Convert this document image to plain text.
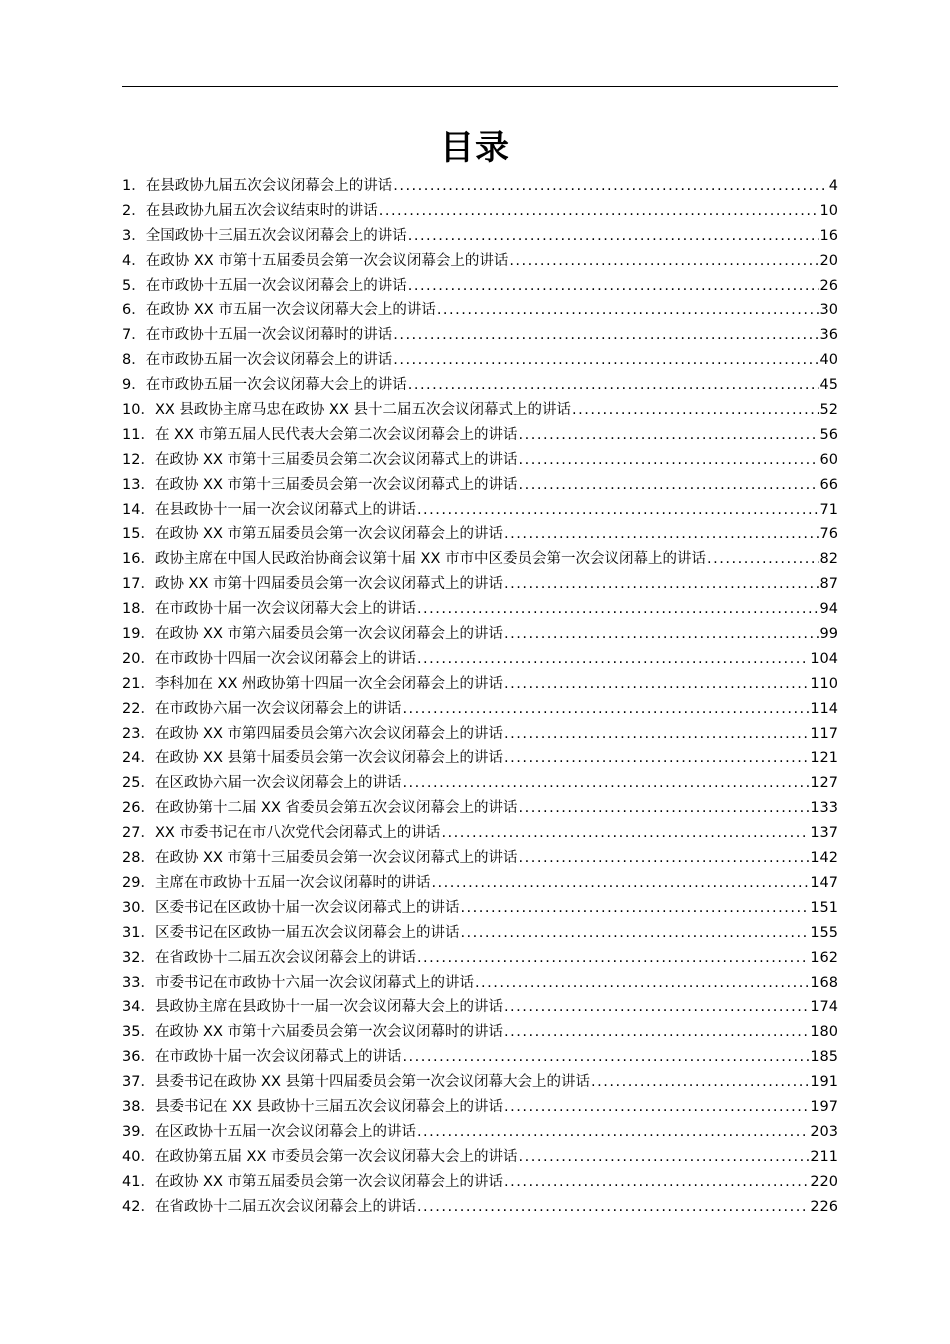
目录
1．在县政协九届五次会议闭幕会上的讲话 .....	4
2．在县政协九届五次会议结束时的讲话 .....	10
3．全国政协十三届五次会议闭幕会上的讲话 .....	16
4．在政协 XX 市第十五届委员会第一次会议闭幕会上的讲话 .....	20
5．在市政协十五届一次会议闭幕会上的讲话 .....	26
6．在政协 XX 市五届一次会议闭幕大会上的讲话 .....	30
7．在市政协十五届一次会议闭幕时的讲话 .....	36
8．在市政协五届一次会议闭幕会上的讲话 .....	40
9．在市政协五届一次会议闭幕大会上的讲话 .....	45
10．XX 县政协主席马忠在政协 XX 县十二届五次会议闭幕式上的讲话 .....	52
11．在 XX 市第五届人民代表大会第二次会议闭幕会上的讲话 .....	56
12．在政协 XX 市第十三届委员会第二次会议闭幕式上的讲话 .....	60
13．在政协 XX 市第十三届委员会第一次会议闭幕式上的讲话 .....	66
14．在县政协十一届一次会议闭幕式上的讲话 .....	71
15．在政协 XX 市第五届委员会第一次会议闭幕会上的讲话 .....	76
16．政协主席在中国人民政治协商会议第十届 XX 市市中区委员会第一次会议闭幕上的讲话 .....	82
17．政协 XX 市第十四届委员会第一次会议闭幕式上的讲话 .....	87
18．在市政协十届一次会议闭幕大会上的讲话 .....	94
19．在政协 XX 市第六届委员会第一次会议闭幕会上的讲话 .....	99
20．在市政协十四届一次会议闭幕会上的讲话 .....	104
21．李科加在 XX 州政协第十四届一次全会闭幕会上的讲话 .....	110
22．在市政协六届一次会议闭幕会上的讲话 .....	114
23．在政协 XX 市第四届委员会第六次会议闭幕会上的讲话 .....	117
24．在政协 XX 县第十届委员会第一次会议闭幕会上的讲话 .....	121
25．在区政协六届一次会议闭幕会上的讲话 .....	127
26．在政协第十二届 XX 省委员会第五次会议闭幕会上的讲话 .....	133
27．XX 市委书记在市八次党代会闭幕式上的讲话 .....	137
28．在政协 XX 市第十三届委员会第一次会议闭幕式上的讲话 .....	142
29．主席在市政协十五届一次会议闭幕时的讲话 .....	147
30．区委书记在区政协十届一次会议闭幕式上的讲话 .....	151
31．区委书记在区政协一届五次会议闭幕会上的讲话 .....	155
32．在省政协十二届五次会议闭幕会上的讲话 .....	162
33．市委书记在市政协十六届一次会议闭幕式上的讲话 .....	168
34．县政协主席在县政协十一届一次会议闭幕大会上的讲话 .....	174
35．在政协 XX 市第十六届委员会第一次会议闭幕时的讲话 .....	180
36．在市政协十届一次会议闭幕式上的讲话 .....	185
37．县委书记在政协 XX 县第十四届委员会第一次会议闭幕大会上的讲话 .....	191
38．县委书记在 XX 县政协十三届五次会议闭幕会上的讲话 .....	197
39．在区政协十五届一次会议闭幕会上的讲话 .....	203
40．在政协第五届 XX 市委员会第一次会议闭幕大会上的讲话 .....	211
41．在政协 XX 市第五届委员会第一次会议闭幕会上的讲话 .....	220
42．在省政协十二届五次会议闭幕会上的讲话 .....	226
